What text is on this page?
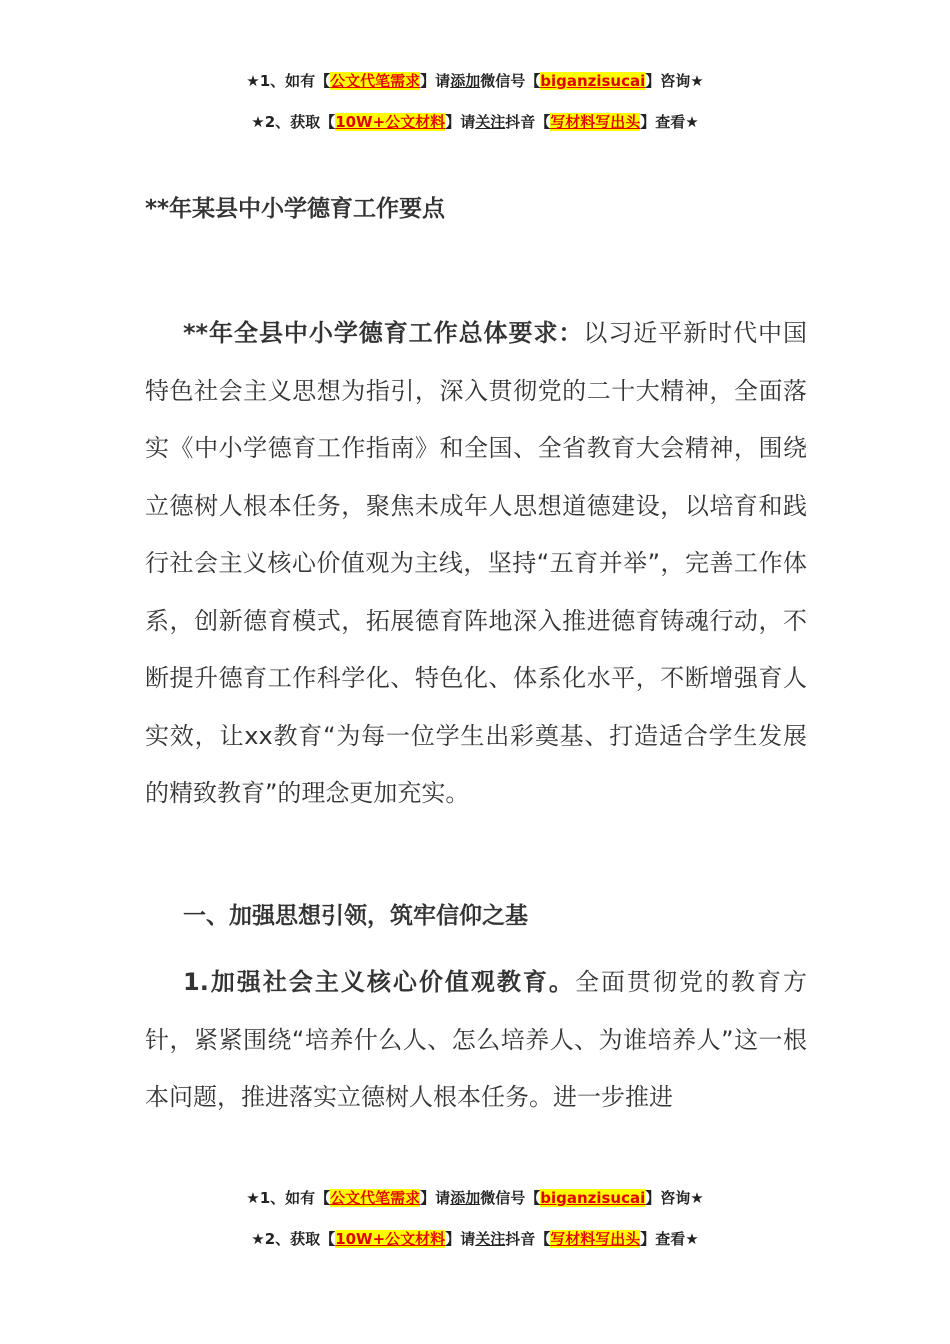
★1、如有【公文代笔需求】请添加微信号【biganzisucai】咨询★
★2、获取【10W+公文材料】请关注抖音【写材料写出头】查看★
**年某县中小学德育工作要点

**年全县中小学德育工作总体要求：以习近平新时代中国特色社会主义思想为指引，深入贯彻党的二十大精神，全面落实《中小学德育工作指南》和全国、全省教育大会精神，围绕立德树人根本任务，聚焦未成年人思想道德建设，以培育和践行社会主义核心价值观为主线，坚持“五育并举”，完善工作体系，创新德育模式，拓展德育阵地深入推进德育铸魂行动，不断提升德育工作科学化、特色化、体系化水平，不断增强育人实效，让xx教育“为每一位学生出彩奠基、打造适合学生发展的精致教育”的理念更加充实。

一、加强思想引领，筑牢信仰之基

1.加强社会主义核心价值观教育。全面贯彻党的教育方针，紧紧围绕“培养什么人、怎么培养人、为谁培养人”这一根本问题，推进落实立德树人根本任务。进一步推进

★1、如有【公文代笔需求】请添加微信号【biganzisucai】咨询★
★2、获取【10W+公文材料】请关注抖音【写材料写出头】查看★
